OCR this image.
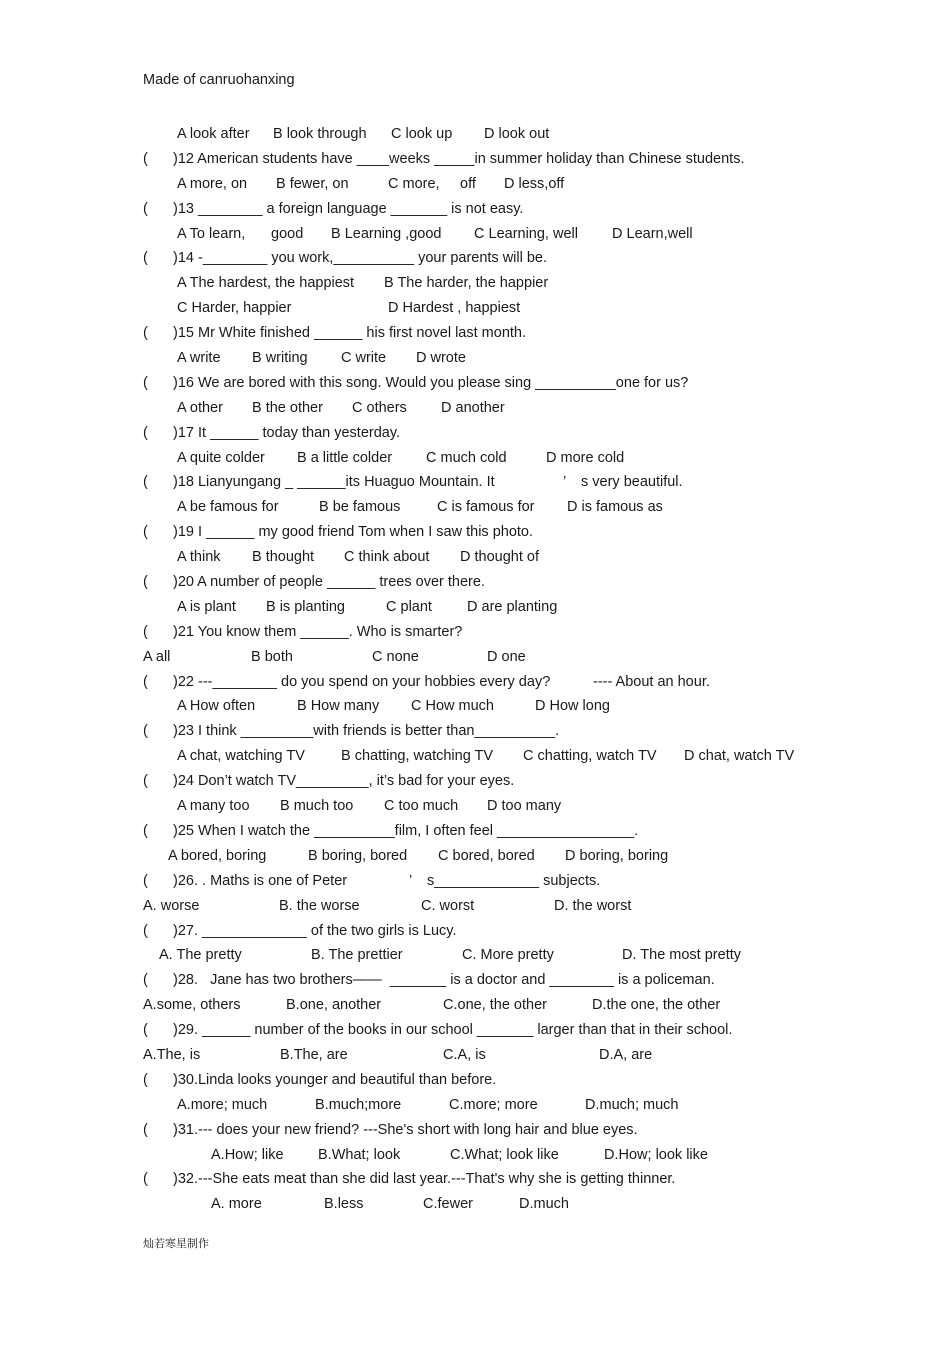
Made of canruohanxing
A look after B look through C look up D look out
( )12 American students have ____weeks _____in summer holiday than Chinese students.
A more, on B fewer, on	C more, off D less,off
( )13 ________ a foreign language _______ is not easy.
A To learn, good B Learning ,good C Learning, well D Learn,well
( )14 -________ you work,__________ your parents will be.
A The hardest, the happiest B The harder, the happier
C Harder, happier	D Hardest , happiest
( )15 Mr White finished ______ his first novel last month.
A write B writing C write D wrote
( )16 We are bored with this song. Would you please sing __________one for us?
A other B the other C others D another
( )17 It ______ today than yesterday.
A quite colder B a little colder C much cold	D more cold
( )18 Lianyungang _ ______its Huaguo Mountain. It	’ s very beautiful.
A be famous for	B be famous	C is famous for D is famous as
( )19 I ______ my good friend Tom when I saw this photo.
A think B thought C think about D thought of
( )20 A number of people ______ trees over there.
A is plant B is planting	C plant D are planting
( )21 You know them ______. Who is smarter?
A all	B both	C none	D one
( )22 ---________ do you spend on your hobbies every day?	---- About an hour.
A How often	B How many C How much	D How long
( )23 I think _________with friends is better than__________.
A chat, watching TV B chatting, watching TV C chatting, watch TV D chat, watch TV
( )24 Don’t watch TV_________, it’s bad for your eyes.
A many too B much too C too much D too many
( )25 When I watch the __________film, I often feel _________________.
A bored, boring	B boring, bored C bored, bored D boring, boring
( )26. . Maths is one of Peter	’ s_____________ subjects.
A. worse	B. the worse	C. worst	D. the worst
( )27. _____________ of the two girls is Lucy.
A. The pretty	B. The prettier	C. More pretty	D. The most pretty
( )28.   Jane has two brothers——  _______ is a doctor and ________ is a policeman.
A.some, others	B.one, another	C.one, the other	D.the one, the other
( )29. ______ number of the books in our school _______ larger than that in their school.
A.The, is	B.The, are	C.A, is	D.A, are
( )30.Linda looks younger and beautiful than before.
A.more; much	B.much;more	C.more; more	D.much; much
( )31.--- does your new friend? ---She's short with long hair and blue eyes.
A.How; like B.What; look	C.What; look like	D.How; look like
( )32.---She eats meat than she did last year.---That's why she is getting thinner.
A. more	B.less	C.fewer	D.much
灿若寒星制作
